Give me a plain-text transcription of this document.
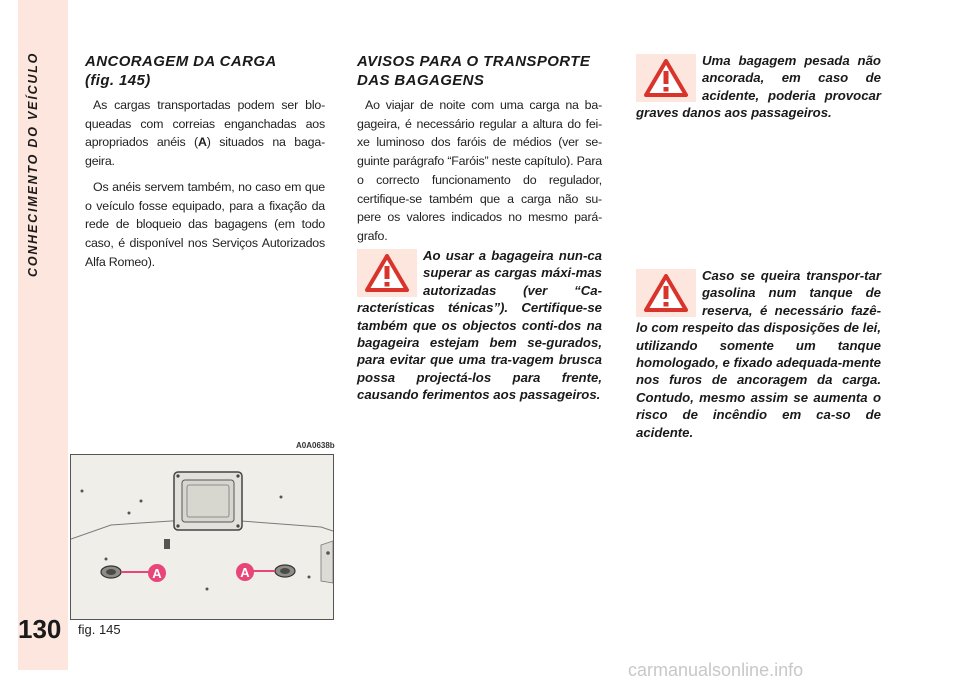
CONHECIMENTO DO VEÍCULO
130
ANCORAGEM DA CARGA
(fig. 145)

As cargas transportadas podem ser blo-queadas com correias enganchadas aos apropriados anéis (A) situados na baga-geira.

Os anéis servem também, no caso em que o veículo fosse equipado, para a fixação da rede de bloqueio das bagagens (em todo caso, é disponível nos Serviços Autorizados Alfa Romeo).

AVISOS PARA O TRANSPORTE
DAS BAGAGENS

Ao viajar de noite com uma carga na ba-gageira, é necessário regular a altura do fei-xe luminoso dos faróis de médios (ver se-guinte parágrafo “Faróis” neste capítulo). Para o correcto funcionamento do regulador, certifique-se também que a carga não su-pere os valores indicados no mesmo pará-grafo.

Ao usar a bagageira nun-ca superar as cargas máxi-mas autorizadas (ver “Ca-racterísticas ténicas”). Certifique-se também que os objectos conti-dos na bagageira estejam bem se-gurados, para evitar que uma tra-vagem brusca possa projectá-los para frente, causando ferimentos aos passageiros.
Uma bagagem pesada não ancorada, em caso de acidente, poderia provocar graves danos aos passageiros.
Caso se queira transpor-tar gasolina num tanque de reserva, é necessário fazê-lo com respeito das disposições de lei, utilizando somente um tanque homologado, e fixado adequada-mente nos furos de ancoragem da carga. Contudo, mesmo assim se aumenta o risco de incêndio em ca-so de acidente.
A0A0638b
A	A
fig. 145
carmanualsonline.info
